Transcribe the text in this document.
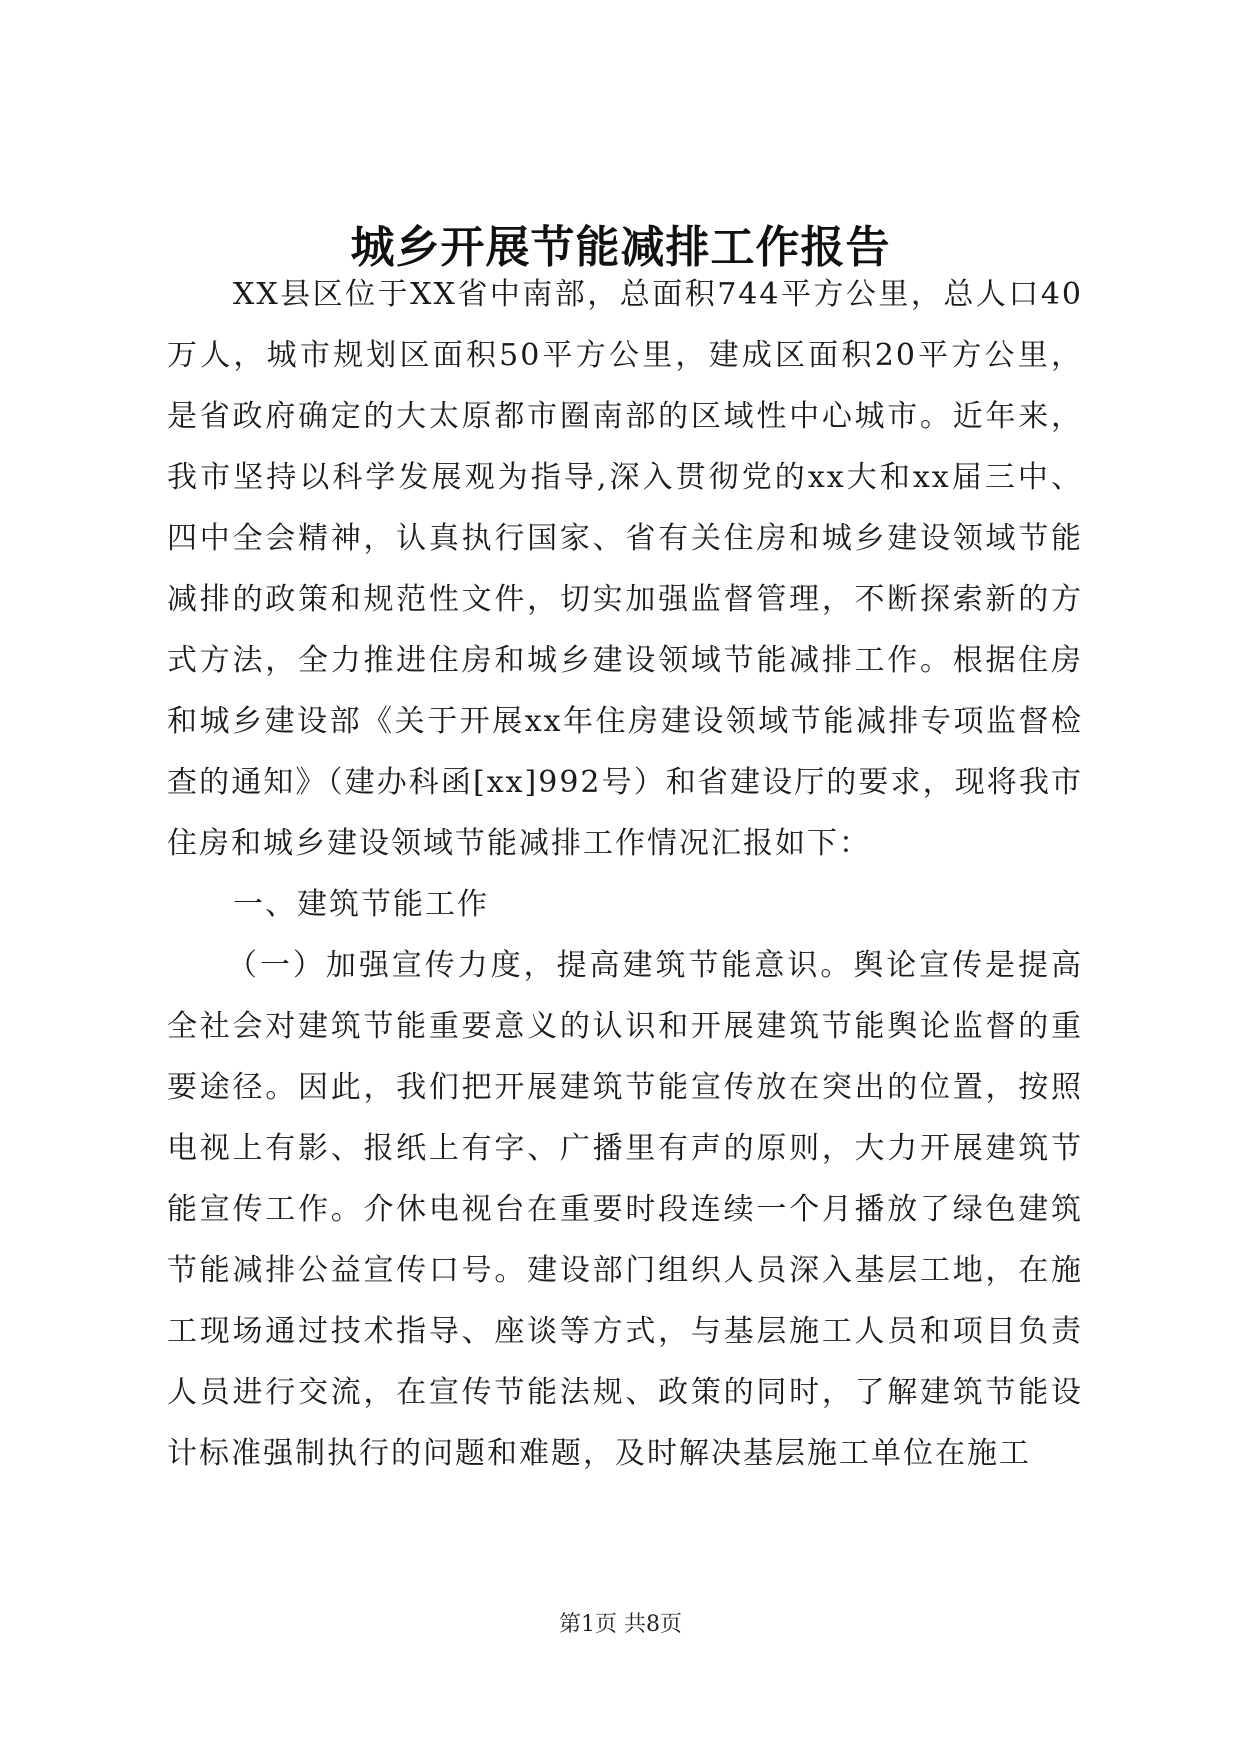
城乡开展节能减排工作报告

XX县区位于XX省中南部，总面积744平方公里，总人口40万人，城市规划区面积50平方公里，建成区面积20平方公里，是省政府确定的大太原都市圈南部的区域性中心城市。近年来，我市坚持以科学发展观为指导,深入贯彻党的xx大和xx届三中、四中全会精神，认真执行国家、省有关住房和城乡建设领域节能减排的政策和规范性文件，切实加强监督管理，不断探索新的方式方法，全力推进住房和城乡建设领域节能减排工作。根据住房和城乡建设部《关于开展xx年住房建设领域节能减排专项监督检查的通知》（建办科函[xx]992号）和省建设厅的要求，现将我市住房和城乡建设领域节能减排工作情况汇报如下：

一、建筑节能工作

（一）加强宣传力度，提高建筑节能意识。舆论宣传是提高全社会对建筑节能重要意义的认识和开展建筑节能舆论监督的重要途径。因此，我们把开展建筑节能宣传放在突出的位置，按照电视上有影、报纸上有字、广播里有声的原则，大力开展建筑节能宣传工作。介休电视台在重要时段连续一个月播放了绿色建筑节能减排公益宣传口号。建设部门组织人员深入基层工地，在施工现场通过技术指导、座谈等方式，与基层施工人员和项目负责人员进行交流，在宣传节能法规、政策的同时，了解建筑节能设计标准强制执行的问题和难题，及时解决基层施工单位在施工

第1页 共8页
